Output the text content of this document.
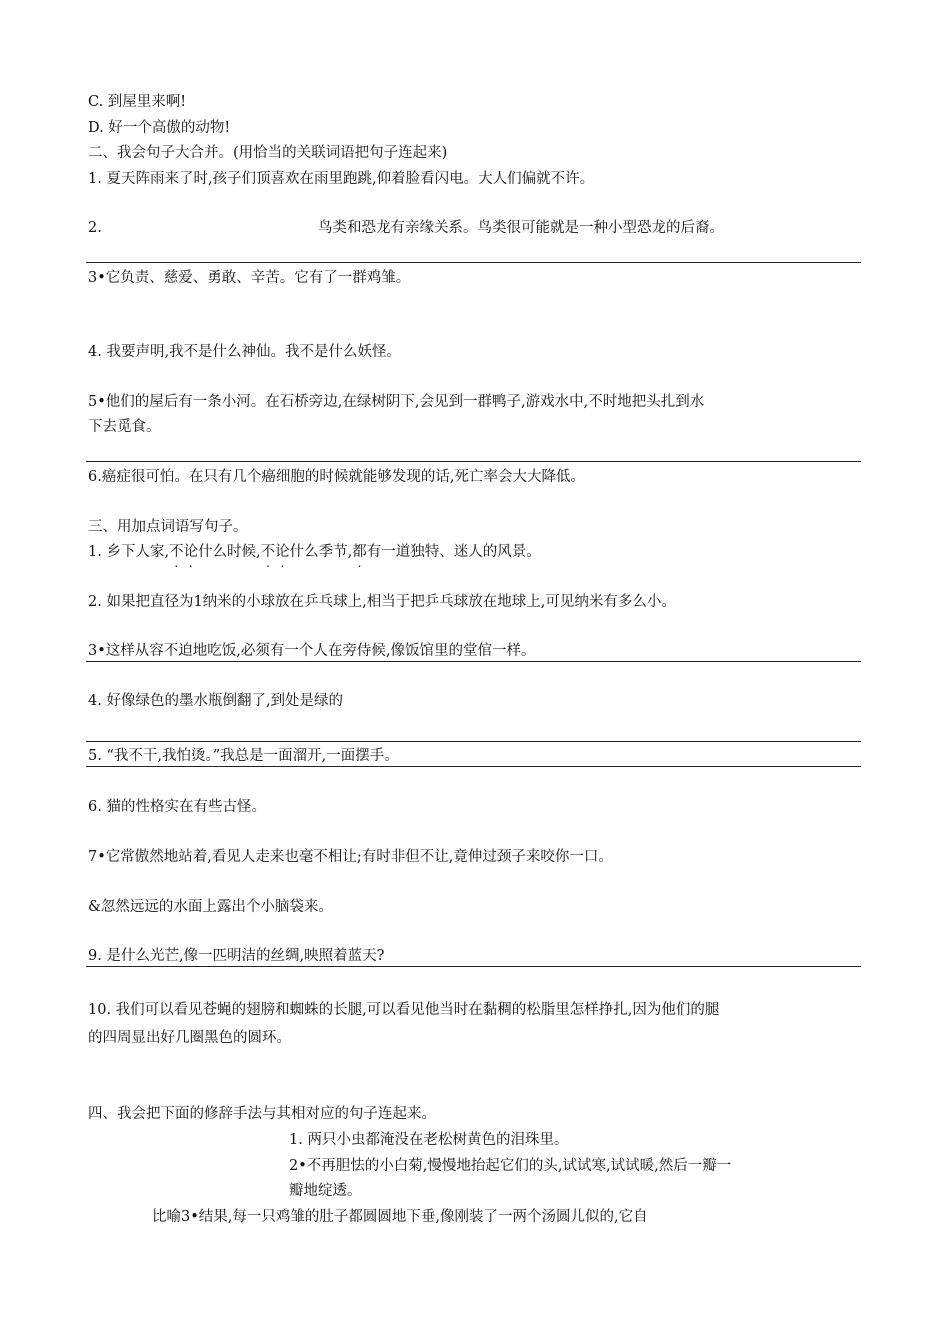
C. 到屋里来啊!
D. 好一个高傲的动物!
二、我会句子大合并。(用恰当的关联词语把句子连起来)
1. 夏天阵雨来了时,孩子们顶喜欢在雨里跑跳,仰着脸看闪电。大人们偏就不许。
2.	鸟类和恐龙有亲缘关系。鸟类很可能就是一种小型恐龙的后裔。
3•它负责、慈爱、勇敢、辛苦。它有了一群鸡雏。
4. 我要声明,我不是什么神仙。我不是什么妖怪。
5•他们的屋后有一条小河。在石桥旁边,在绿树阴下,会见到一群鸭子,游戏水中,不时地把头扎到水
下去觅食。
6.癌症很可怕。在只有几个癌细胞的时候就能够发现的话,死亡率会大大降低。
三、用加点词语写句子。
1. 乡下人家,不论什么时候,不论什么季节,都有一道独特、迷人的风景。
2. 如果把直径为1纳米的小球放在乒乓球上,相当于把乒乓球放在地球上,可见纳米有多么小。
3•这样从容不迫地吃饭,必须有一个人在旁侍候,像饭馆里的堂倌一样。
4. 好像绿色的墨水瓶倒翻了,到处是绿的
5. “我不干,我怕烫。”我总是一面溜开,一面摆手。
6. 猫的性格实在有些古怪。
7•它常傲然地站着,看见人走来也毫不相让;有时非但不让,竟伸过颈子来咬你一口。
&忽然远远的水面上露出个小脑袋来。
9. 是什么光芒,像一匹明洁的丝绸,映照着蓝天?
10. 我们可以看见苍蝇的翅膀和蜘蛛的长腿,可以看见他当时在黏稠的松脂里怎样挣扎,因为他们的腿
的四周显出好几圈黑色的圆环。
四、我会把下面的修辞手法与其相对应的句子连起来。
1. 两只小虫都淹没在老松树黄色的泪珠里。
2•不再胆怯的小白菊,慢慢地抬起它们的头,试试寒,试试暖,然后一瓣一
瓣地绽透。
比喻3•结果,每一只鸡雏的肚子都圆圆地下垂,像刚装了一两个汤圆儿似的,它自
